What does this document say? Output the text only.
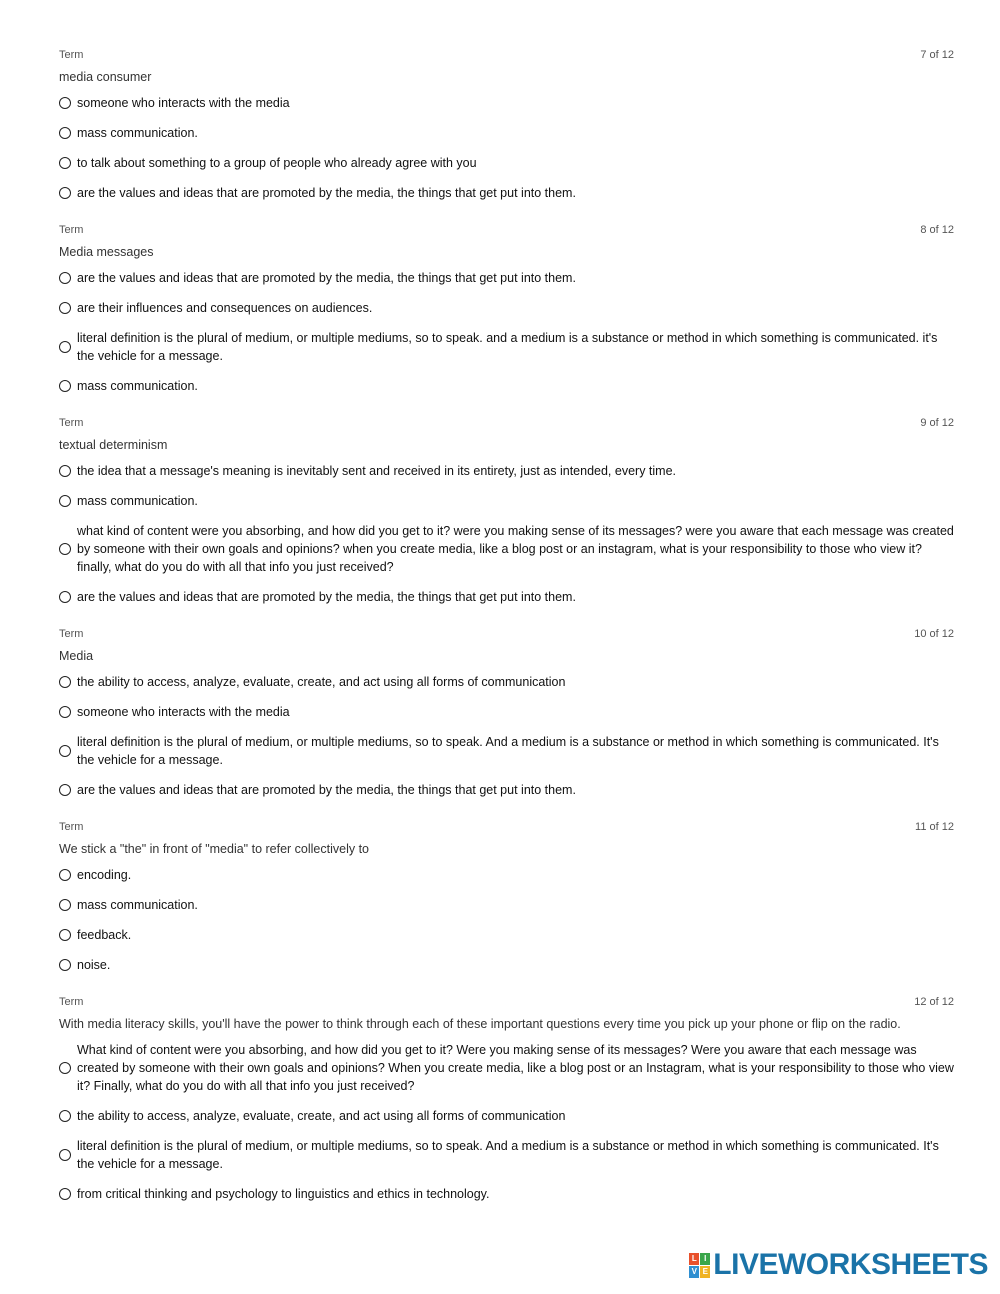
Term	7 of 12
media consumer
someone who interacts with the media
mass communication.
to talk about something to a group of people who already agree with you
are the values and ideas that are promoted by the media, the things that get put into them.
Term	8 of 12
Media messages
are the values and ideas that are promoted by the media, the things that get put into them.
are their influences and consequences on audiences.
literal definition is the plural of medium, or multiple mediums, so to speak. and a medium is a substance or method in which something is communicated. it's the vehicle for a message.
mass communication.
Term	9 of 12
textual determinism
the idea that a message's meaning is inevitably sent and received in its entirety, just as intended, every time.
mass communication.
what kind of content were you absorbing, and how did you get to it? were you making sense of its messages? were you aware that each message was created by someone with their own goals and opinions? when you create media, like a blog post or an instagram, what is your responsibility to those who view it? finally, what do you do with all that info you just received?
are the values and ideas that are promoted by the media, the things that get put into them.
Term	10 of 12
Media
the ability to access, analyze, evaluate, create, and act using all forms of communication
someone who interacts with the media
literal definition is the plural of medium, or multiple mediums, so to speak. And a medium is a substance or method in which something is communicated. It's the vehicle for a message.
are the values and ideas that are promoted by the media, the things that get put into them.
Term	11 of 12
We stick a "the" in front of "media" to refer collectively to
encoding.
mass communication.
feedback.
noise.
Term	12 of 12
With media literacy skills, you'll have the power to think through each of these important questions every time you pick up your phone or flip on the radio.
What kind of content were you absorbing, and how did you get to it? Were you making sense of its messages? Were you aware that each message was created by someone with their own goals and opinions? When you create media, like a blog post or an Instagram, what is your responsibility to those who view it? Finally, what do you do with all that info you just received?
the ability to access, analyze, evaluate, create, and act using all forms of communication
literal definition is the plural of medium, or multiple mediums, so to speak. And a medium is a substance or method in which something is communicated. It's the vehicle for a message.
from critical thinking and psychology to linguistics and ethics in technology.
L I
V E LIVEWORKSHEETS
